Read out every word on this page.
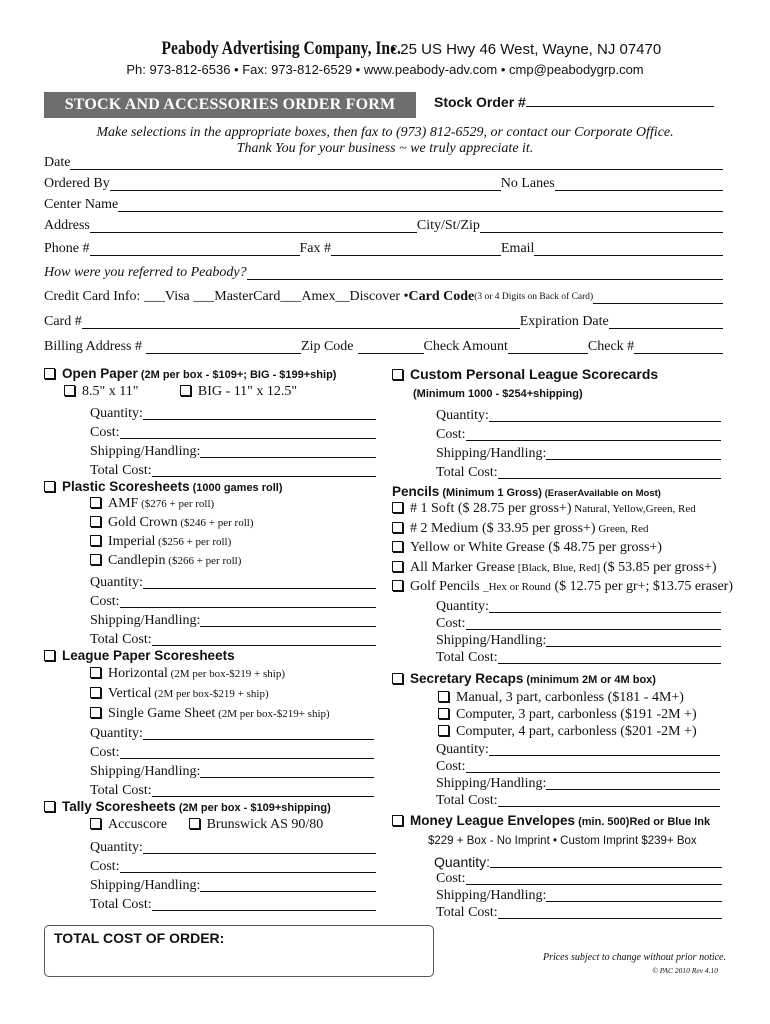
Peabody Advertising Company, Inc. • 25 US Hwy 46 West, Wayne, NJ 07470
Ph: 973-812-6536 • Fax: 973-812-6529 • www.peabody-adv.com • cmp@peabodygrp.com
STOCK AND ACCESSORIES ORDER FORM	Stock Order #
Make selections in the appropriate boxes, then fax to (973) 812-6529, or contact our Corporate Office.
Thank You for your business ~ we truly appreciate it.
Date
Ordered By	No Lanes
Center Name
Address	City/St/Zip
Phone #	Fax #	Email
How were you referred to Peabody?
Credit Card Info: ___Visa ___MasterCard___Amex__Discover • Card Code (3 or 4 Digits on Back of Card)
Card #	Expiration Date
Billing Address #	Zip Code	Check Amount	Check #
Open Paper (2M per box - $109+; BIG - $199+ship)
8.5" x 11"	BIG - 11" x 12.5"
Quantity:
Cost:
Shipping/Handling:
Total Cost:
Plastic Scoresheets (1000 games roll)
AMF ($276 + per roll)
Gold Crown ($246 + per roll)
Imperial ($256 + per roll)
Candlepin ($266 + per roll)
Quantity:
Cost:
Shipping/Handling:
Total Cost:
League Paper Scoresheets
Horizontal (2M per box-$219 + ship)
Vertical (2M per box-$219 + ship)
Single Game Sheet (2M per box-$219+ ship)
Quantity:
Cost:
Shipping/Handling:
Total Cost:
Tally Scoresheets (2M per box - $109+shipping)
Accuscore	Brunswick AS 90/80
Quantity:
Cost:
Shipping/Handling:
Total Cost:
Custom Personal League Scorecards
(Minimum 1000 - $254+shipping)
Quantity:
Cost:
Shipping/Handling:
Total Cost:
Pencils (Minimum 1 Gross) (EraserAvailable on Most)
# 1 Soft ($ 28.75 per gross+) Natural, Yellow,Green, Red
# 2 Medium ($ 33.95 per gross+) Green, Red
Yellow or White Grease ($ 48.75 per gross+)
All Marker Grease [Black, Blue, Red] ($ 53.85 per gross+)
Golf Pencils _Hex or Round ($ 12.75 per gr+; $13.75 eraser)
Quantity:
Cost:
Shipping/Handling:
Total Cost:
Secretary Recaps (minimum 2M or 4M box)
Manual, 3 part, carbonless ($181 - 4M+)
Computer, 3 part, carbonless ($191 -2M +)
Computer, 4 part, carbonless ($201 -2M +)
Quantity:
Cost:
Shipping/Handling:
Total Cost:
Money League Envelopes (min. 500)Red or Blue Ink
$229 + Box - No Imprint • Custom Imprint $239+ Box
Quantity:
Cost:
Shipping/Handling:
Total Cost:
TOTAL COST OF ORDER:
Prices subject to change without prior notice.
© PAC 2010 Rev 4.10
